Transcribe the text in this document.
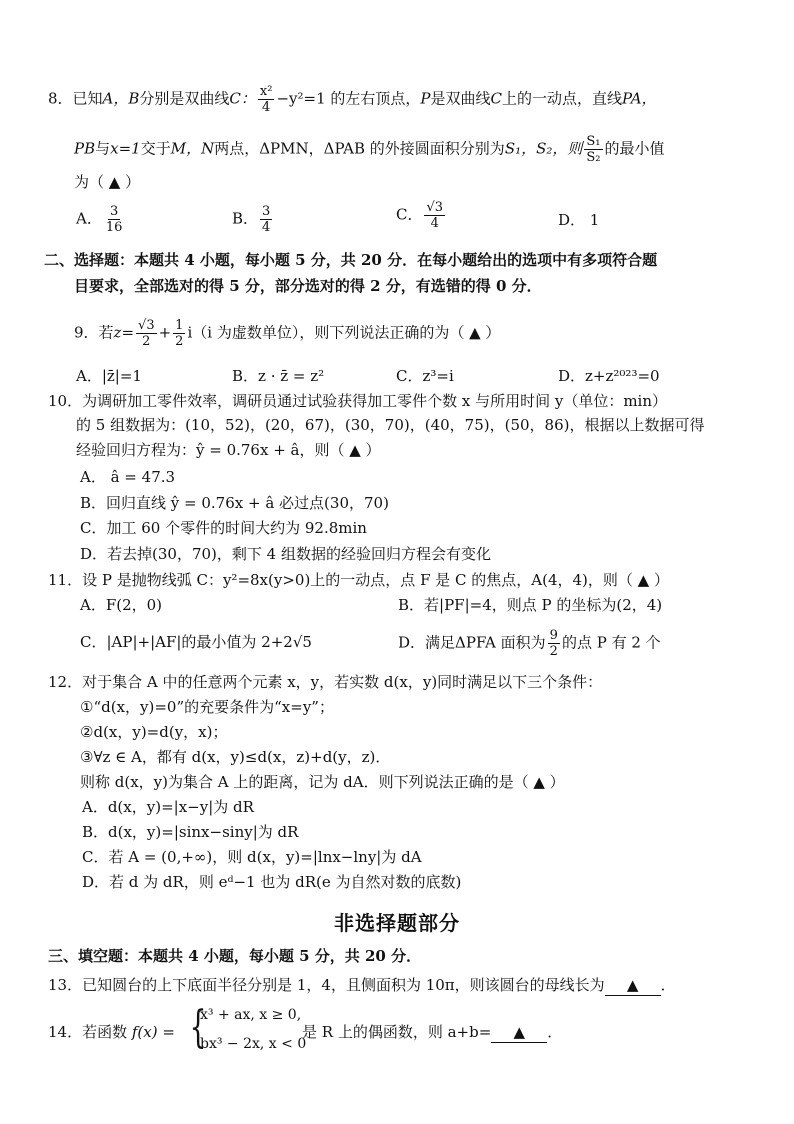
8．已知A，B分别是双曲线C： $\frac{\text{x²}}{4} -y^2=1$ 的左右顶点，P是双曲线C上的一动点，直线PA，
PB与x=1交于M，N两点，ΔPMN，ΔPAB 的外接圆面积分别为S₁，S₂，则 $\frac{\text{S₁}}{\text{S₂}}$ 的最小值
为（ ▲ ）
A． $\frac{3}{16}$	B． $\frac{3}{4}$	C． $\frac{√3}{4}$	D． 1
二、选择题：本题共 4 小题，每小题 5 分，共 20 分．在每小题给出的选项中有多项符合题
目要求，全部选对的得 5 分，部分选对的得 2 分，有选错的得 0 分．
9．若$z= \frac{√3}{2} + \frac{1}{2} i(i$ 为虚数单位），则下列说法正确的为（ ▲ ）
A．|z̄|=1	B．z · z̄ = z²	C．z³=i	D．z+z²⁰²³=0
10．为调研加工零件效率，调研员通过试验获得加工零件个数 x 与所用时间 y（单位：min）
的 5 组数据为：(10，52)，(20，67)，(30，70)，(40，75)，(50，86)，根据以上数据可得
经验回归方程为：ŷ = 0.76x + â，则（ ▲ ）
A． â = 47.3
B．回归直线 ŷ = 0.76x + â 必过点(30，70)
C．加工 60 个零件的时间大约为 92.8min
D．若去掉(30，70)，剩下 4 组数据的经验回归方程会有变化
11．设 P 是抛物线弧 C：y²=8x(y>0)上的一动点，点 F 是 C 的焦点，A(4，4)，则（ ▲ ）
A．F(2，0)	B．若|PF|=4，则点 P 的坐标为(2，4)
C．|AP|+|AF|的最小值为 2+2√5	D．满足ΔPFA 面积为 $\frac{9}{2}$ 的点 P 有 2 个
12．对于集合 A 中的任意两个元素 x，y，若实数 d(x，y)同时满足以下三个条件：
①“d(x，y)=0”的充要条件为“x=y”；
②d(x，y)=d(y，x)；
③∀z ∈ A，都有 d(x，y)≤d(x，z)+d(y，z)．
则称 d(x，y)为集合 A 上的距离，记为 dA．则下列说法正确的是（ ▲ ）
A．d(x，y)=|x−y|为 dR
B．d(x，y)=|sinx−siny|为 dR
C．若 A = (0,+∞)，则 d(x，y)=|lnx−lny|为 dA
D．若 d 为 dR，则 eᵈ−1 也为 dR(e 为自然对数的底数)
非选择题部分
三、填空题：本题共 4 小题，每小题 5 分，共 20 分．
13．已知圆台的上下底面半径分别是 1，4，且侧面积为 10π，则该圆台的母线长为 ▲ ．
14．若函数 f(x) = {
x³ + ax, x ≥ 0,
bx³ − 2x, x < 0
是 R 上的偶函数，则 a+b= ▲ ．
